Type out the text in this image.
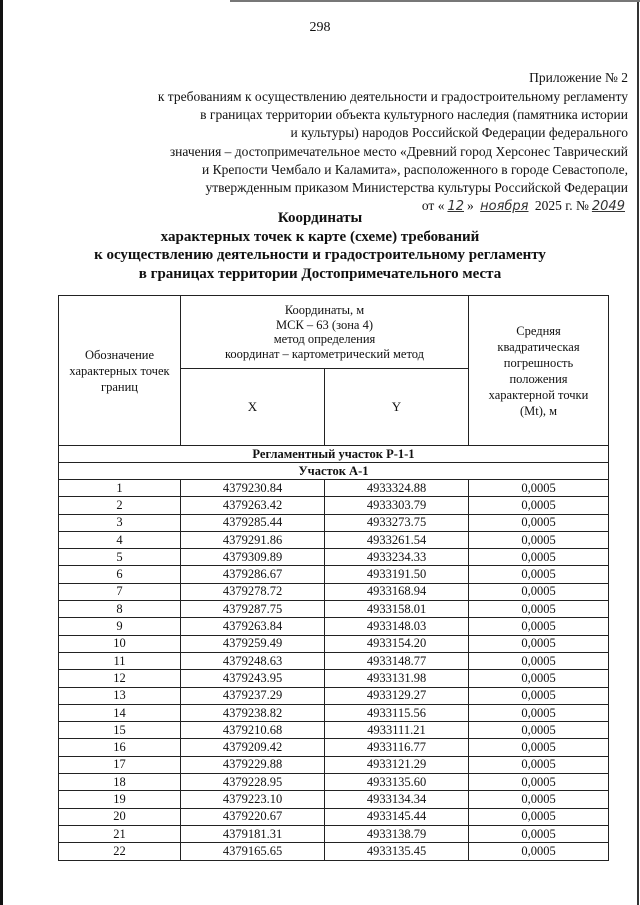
298
Приложение № 2
к требованиям к осуществлению деятельности и градостроительному регламенту
в границах территории объекта культурного наследия (памятника истории
и культуры) народов Российской Федерации федерального
значения – достопримечательное место «Древний город Херсонес Таврический
и Крепости Чембало и Каламита», расположенного в городе Севастополе,
утвержденным приказом Министерства культуры Российской Федерации
от « 12 » ноября 2025 г. № 2049
Координаты
характерных точек к карте (схеме) требований
к осуществлению деятельности и градостроительному регламенту
в границах территории Достопримечательного места
Обозначение
характерных точек
границ	Координаты, м
МСК – 63 (зона 4)
метод определения
координат – картометрический метод	Средняя
квадратическая
погрешность
положения
характерной точки
(Mt), м
	X	Y	
Регламентный участок Р-1-1			
Участок А-1			
1	4379230.84	4933324.88	0,0005
2	4379263.42	4933303.79	0,0005
3	4379285.44	4933273.75	0,0005
4	4379291.86	4933261.54	0,0005
5	4379309.89	4933234.33	0,0005
6	4379286.67	4933191.50	0,0005
7	4379278.72	4933168.94	0,0005
8	4379287.75	4933158.01	0,0005
9	4379263.84	4933148.03	0,0005
10	4379259.49	4933154.20	0,0005
11	4379248.63	4933148.77	0,0005
12	4379243.95	4933131.98	0,0005
13	4379237.29	4933129.27	0,0005
14	4379238.82	4933115.56	0,0005
15	4379210.68	4933111.21	0,0005
16	4379209.42	4933116.77	0,0005
17	4379229.88	4933121.29	0,0005
18	4379228.95	4933135.60	0,0005
19	4379223.10	4933134.34	0,0005
20	4379220.67	4933145.44	0,0005
21	4379181.31	4933138.79	0,0005
22	4379165.65	4933135.45	0,0005
